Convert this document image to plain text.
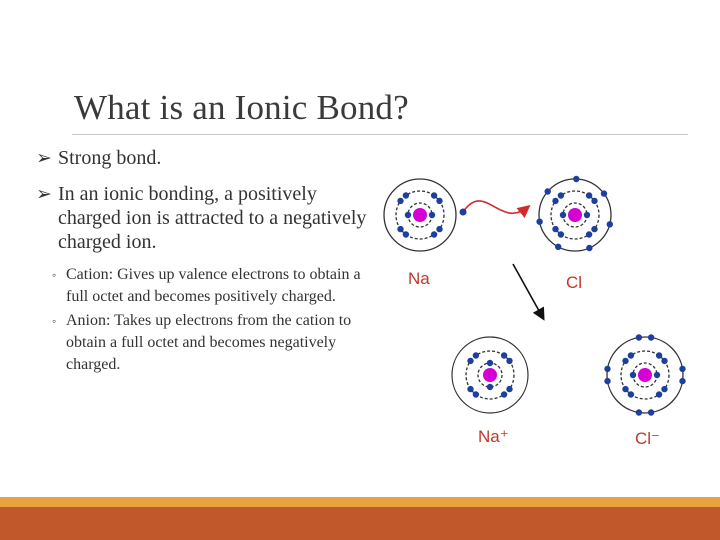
What is an Ionic Bond?
➢ Strong bond.
➢ In an ionic bonding, a positively charged ion is attracted to a negatively charged ion.
◦ Cation: Gives up valence electrons to obtain a full octet and becomes positively charged.
◦ Anion: Takes up electrons from the cation to obtain a full octet and becomes negatively charged.
Na	Cl
Na⁺	Cl⁻
